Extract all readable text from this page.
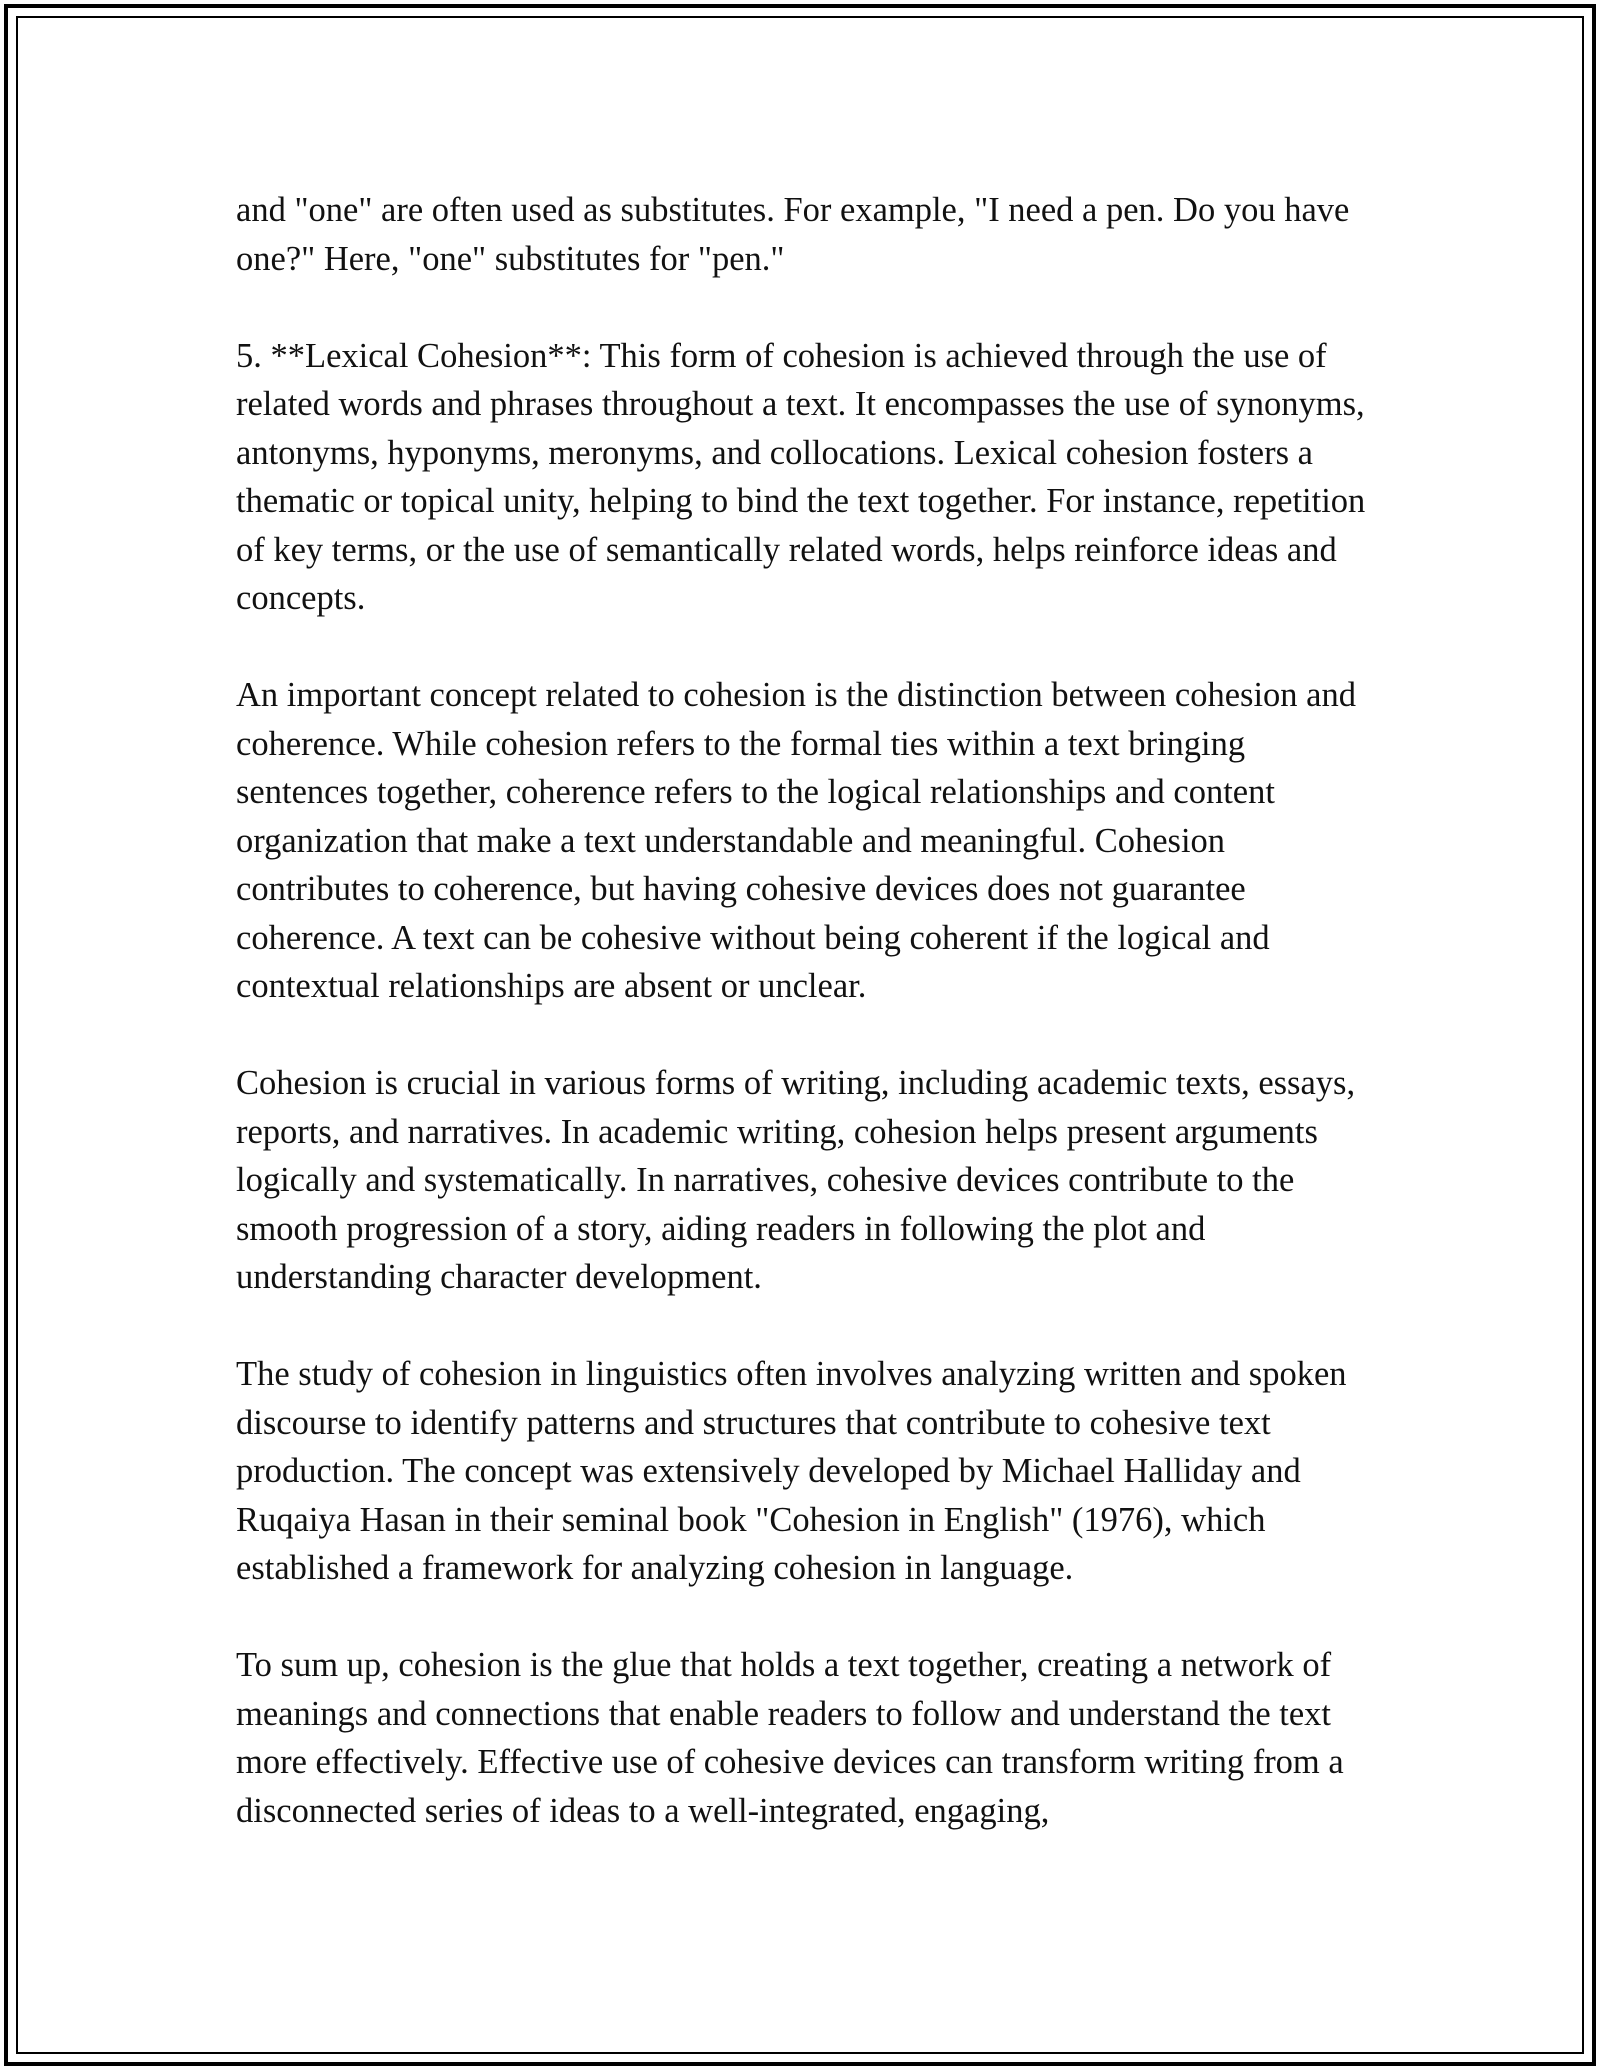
and "one" are often used as substitutes. For example, "I need a pen. Do you have one?" Here, "one" substitutes for "pen."

5. **Lexical Cohesion**: This form of cohesion is achieved through the use of related words and phrases throughout a text. It encompasses the use of synonyms, antonyms, hyponyms, meronyms, and collocations. Lexical cohesion fosters a thematic or topical unity, helping to bind the text together. For instance, repetition of key terms, or the use of semantically related words, helps reinforce ideas and concepts.

An important concept related to cohesion is the distinction between cohesion and coherence. While cohesion refers to the formal ties within a text bringing sentences together, coherence refers to the logical relationships and content organization that make a text understandable and meaningful. Cohesion contributes to coherence, but having cohesive devices does not guarantee coherence. A text can be cohesive without being coherent if the logical and contextual relationships are absent or unclear.

Cohesion is crucial in various forms of writing, including academic texts, essays, reports, and narratives. In academic writing, cohesion helps present arguments logically and systematically. In narratives, cohesive devices contribute to the smooth progression of a story, aiding readers in following the plot and understanding character development.

The study of cohesion in linguistics often involves analyzing written and spoken discourse to identify patterns and structures that contribute to cohesive text production. The concept was extensively developed by Michael Halliday and Ruqaiya Hasan in their seminal book "Cohesion in English" (1976), which established a framework for analyzing cohesion in language.

To sum up, cohesion is the glue that holds a text together, creating a network of meanings and connections that enable readers to follow and understand the text more effectively. Effective use of cohesive devices can transform writing from a disconnected series of ideas to a well-integrated, engaging,
